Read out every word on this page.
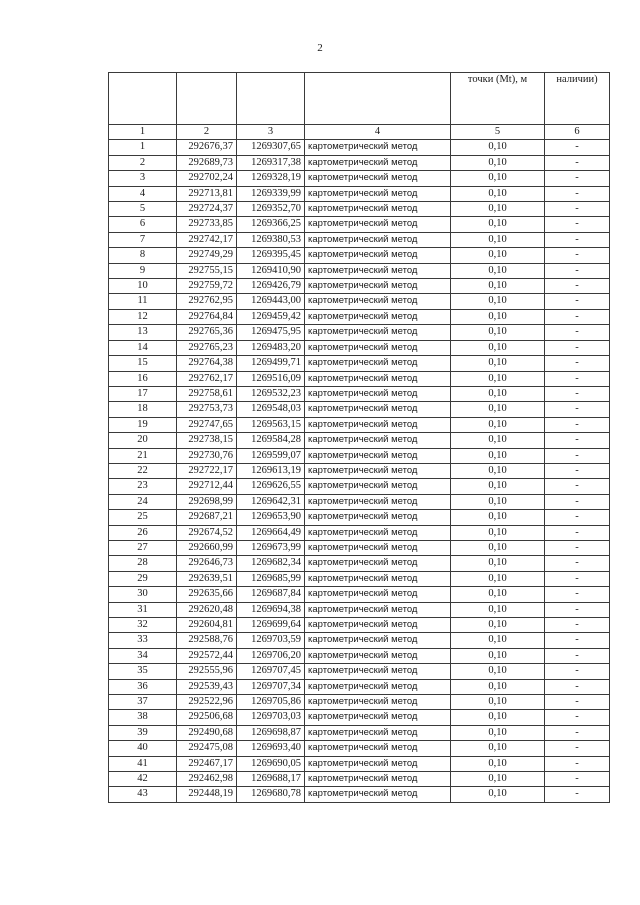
2
				точки (Mt), м	наличии)
1	2	3	4	5	6
1	292676,37	1269307,65	картометрический метод	0,10	-
2	292689,73	1269317,38	картометрический метод	0,10	-
3	292702,24	1269328,19	картометрический метод	0,10	-
4	292713,81	1269339,99	картометрический метод	0,10	-
5	292724,37	1269352,70	картометрический метод	0,10	-
6	292733,85	1269366,25	картометрический метод	0,10	-
7	292742,17	1269380,53	картометрический метод	0,10	-
8	292749,29	1269395,45	картометрический метод	0,10	-
9	292755,15	1269410,90	картометрический метод	0,10	-
10	292759,72	1269426,79	картометрический метод	0,10	-
11	292762,95	1269443,00	картометрический метод	0,10	-
12	292764,84	1269459,42	картометрический метод	0,10	-
13	292765,36	1269475,95	картометрический метод	0,10	-
14	292765,23	1269483,20	картометрический метод	0,10	-
15	292764,38	1269499,71	картометрический метод	0,10	-
16	292762,17	1269516,09	картометрический метод	0,10	-
17	292758,61	1269532,23	картометрический метод	0,10	-
18	292753,73	1269548,03	картометрический метод	0,10	-
19	292747,65	1269563,15	картометрический метод	0,10	-
20	292738,15	1269584,28	картометрический метод	0,10	-
21	292730,76	1269599,07	картометрический метод	0,10	-
22	292722,17	1269613,19	картометрический метод	0,10	-
23	292712,44	1269626,55	картометрический метод	0,10	-
24	292698,99	1269642,31	картометрический метод	0,10	-
25	292687,21	1269653,90	картометрический метод	0,10	-
26	292674,52	1269664,49	картометрический метод	0,10	-
27	292660,99	1269673,99	картометрический метод	0,10	-
28	292646,73	1269682,34	картометрический метод	0,10	-
29	292639,51	1269685,99	картометрический метод	0,10	-
30	292635,66	1269687,84	картометрический метод	0,10	-
31	292620,48	1269694,38	картометрический метод	0,10	-
32	292604,81	1269699,64	картометрический метод	0,10	-
33	292588,76	1269703,59	картометрический метод	0,10	-
34	292572,44	1269706,20	картометрический метод	0,10	-
35	292555,96	1269707,45	картометрический метод	0,10	-
36	292539,43	1269707,34	картометрический метод	0,10	-
37	292522,96	1269705,86	картометрический метод	0,10	-
38	292506,68	1269703,03	картометрический метод	0,10	-
39	292490,68	1269698,87	картометрический метод	0,10	-
40	292475,08	1269693,40	картометрический метод	0,10	-
41	292467,17	1269690,05	картометрический метод	0,10	-
42	292462,98	1269688,17	картометрический метод	0,10	-
43	292448,19	1269680,78	картометрический метод	0,10	-
